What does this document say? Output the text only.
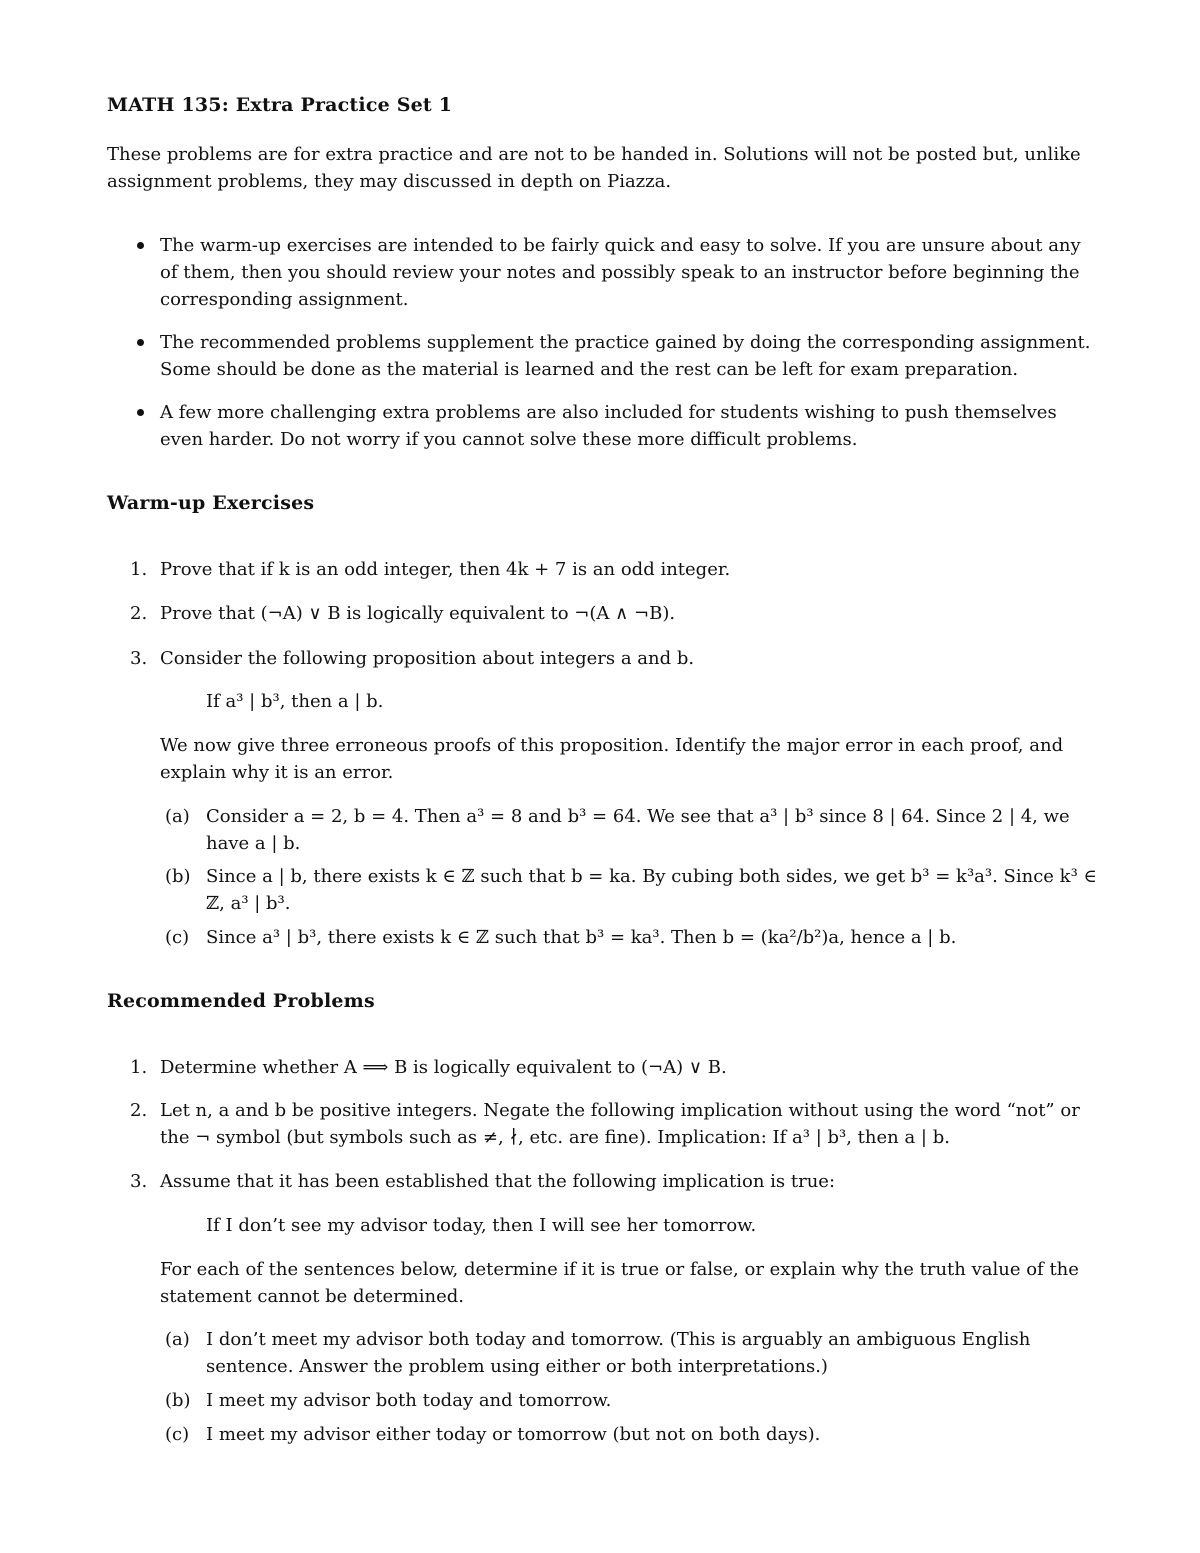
MATH 135: Extra Practice Set 1

These problems are for extra practice and are not to be handed in. Solutions will not be posted but, unlike assignment problems, they may discussed in depth on Piazza.

The warm-up exercises are intended to be fairly quick and easy to solve. If you are unsure about any of them, then you should review your notes and possibly speak to an instructor before beginning the corresponding assignment.

The recommended problems supplement the practice gained by doing the corresponding assignment. Some should be done as the material is learned and the rest can be left for exam preparation.

A few more challenging extra problems are also included for students wishing to push themselves even harder. Do not worry if you cannot solve these more difficult problems.

Warm-up Exercises
1. Prove that if k is an odd integer, then 4k + 7 is an odd integer.

2. Prove that (¬A) ∨ B is logically equivalent to ¬(A ∧ ¬B).

3. Consider the following proposition about integers a and b.

If a³ | b³, then a | b.

We now give three erroneous proofs of this proposition. Identify the major error in each proof, and explain why it is an error.

(a) Consider a = 2, b = 4. Then a³ = 8 and b³ = 64. We see that a³ | b³ since 8 | 64. Since 2 | 4, we have a | b.

(b) Since a | b, there exists k ∈ ℤ such that b = ka. By cubing both sides, we get b³ = k³a³. Since k³ ∈ ℤ, a³ | b³.

(c) Since a³ | b³, there exists k ∈ ℤ such that b³ = ka³. Then b = (ka²/b²)a, hence a | b.

Recommended Problems
1. Determine whether A ⟹ B is logically equivalent to (¬A) ∨ B.

2. Let n, a and b be positive integers. Negate the following implication without using the word “not” or the ¬ symbol (but symbols such as ≠, ∤, etc. are fine). Implication: If a³ | b³, then a | b.

3. Assume that it has been established that the following implication is true:

If I don’t see my advisor today, then I will see her tomorrow.

For each of the sentences below, determine if it is true or false, or explain why the truth value of the statement cannot be determined.

(a) I don’t meet my advisor both today and tomorrow. (This is arguably an ambiguous English sentence. Answer the problem using either or both interpretations.)

(b) I meet my advisor both today and tomorrow.

(c) I meet my advisor either today or tomorrow (but not on both days).
